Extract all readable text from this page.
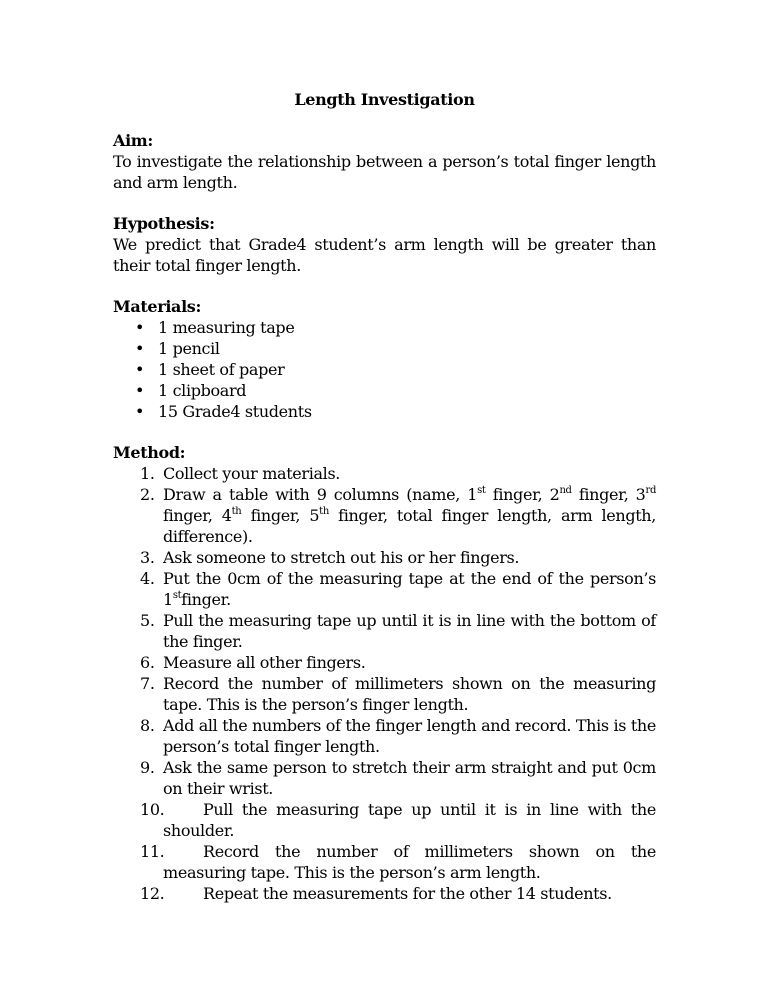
Length Investigation
Aim:

To investigate the relationship between a person’s total finger length and arm length.

Hypothesis:

We predict that Grade4 student’s arm length will be greater than their total finger length.

Materials:
• 1 measuring tape
• 1 pencil
• 1 sheet of paper
• 1 clipboard
• 15 Grade4 students
Method:
1. Collect your materials.
2. Draw a table with 9 columns (name, 1st finger, 2nd finger, 3rd finger, 4th finger, 5th finger, total finger length, arm length, difference).
3. Ask someone to stretch out his or her fingers.
4. Put the 0cm of the measuring tape at the end of the person’s 1stfinger.
5. Pull the measuring tape up until it is in line with the bottom of the finger.
6. Measure all other fingers.
7. Record the number of millimeters shown on the measuring tape. This is the person’s finger length.
8. Add all the numbers of the finger length and record. This is the person’s total finger length.
9. Ask the same person to stretch their arm straight and put 0cm on their wrist.
10. Pull the measuring tape up until it is in line with the shoulder.
11. Record the number of millimeters shown on the measuring tape. This is the person’s arm length.
12. Repeat the measurements for the other 14 students.
